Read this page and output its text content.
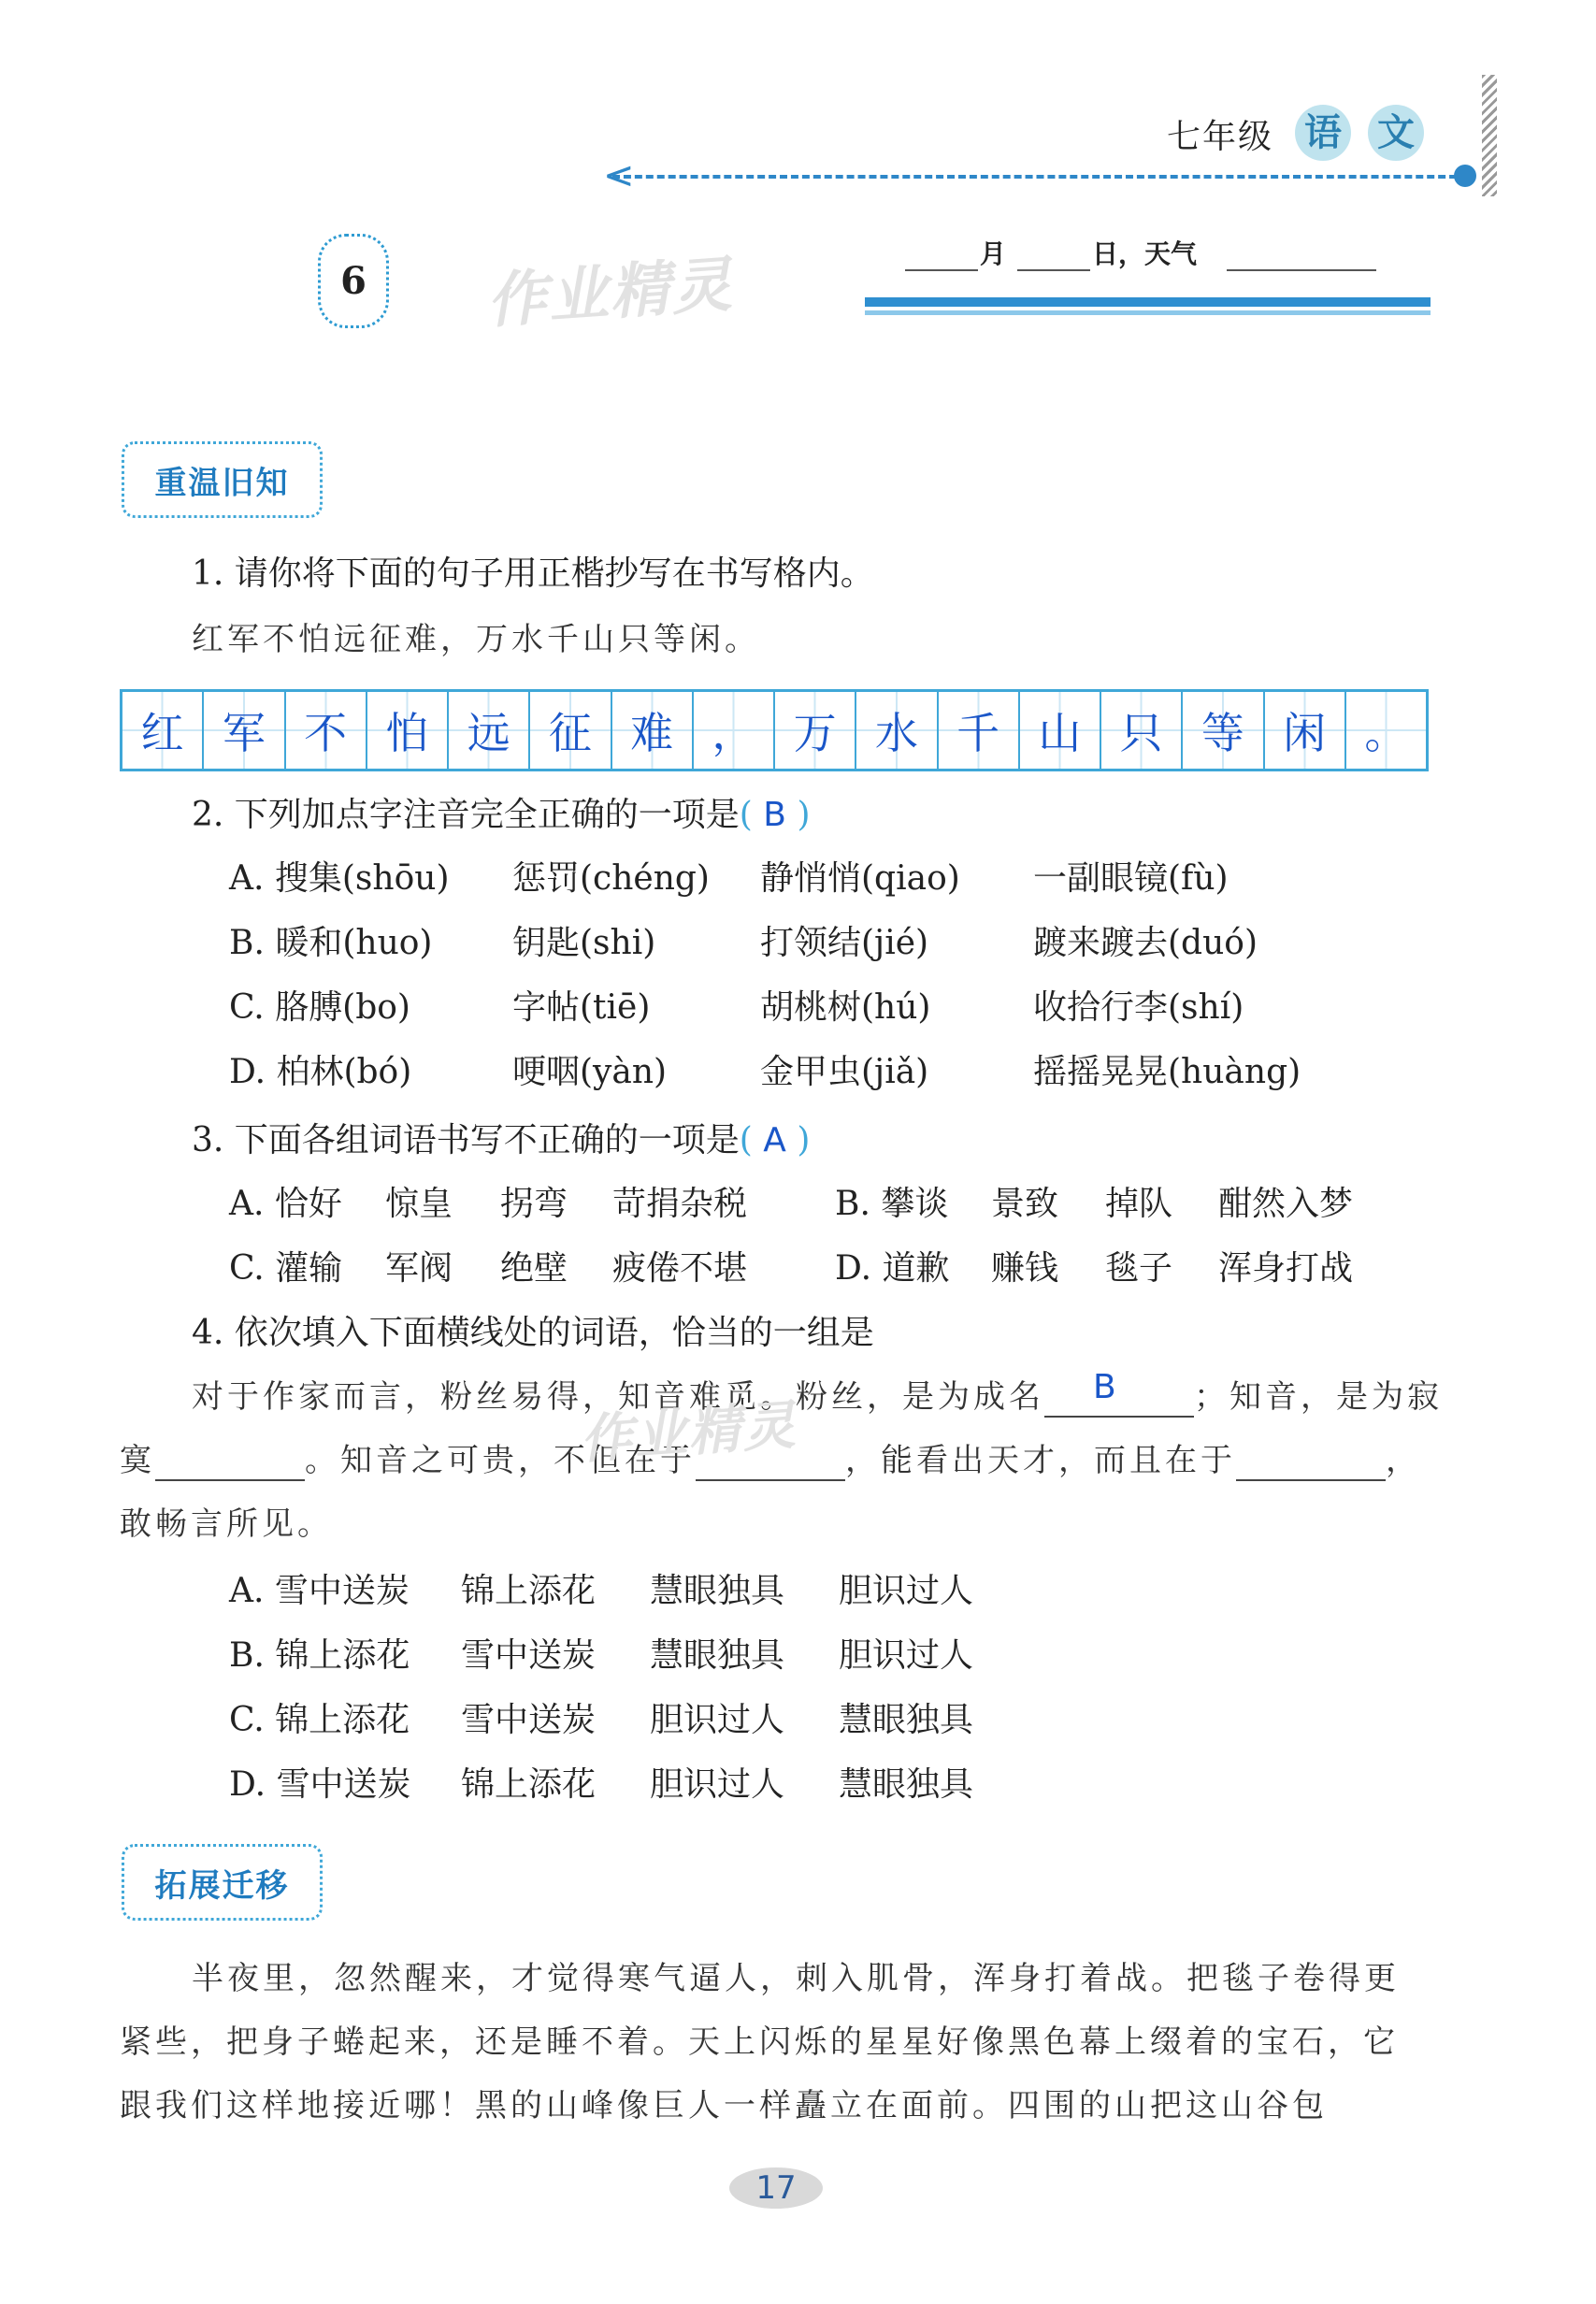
七年级 语 文
<
6	作业精灵	月	日，天气
重温旧知
1. 请你将下面的句子用正楷抄写在书写格内。
红军不怕远征难，万水千山只等闲。
红 军 不 怕 远 征 难 ， 万 水 千 山 只 等 闲 。
2. 下列加点字注音完全正确的一项是( B )
3. 下面各组词语书写不正确的一项是( A )
4. 依次填入下面横线处的词语，恰当的一组是
对于作家而言，粉丝易得，知音难觅。粉丝，是为成名 B ；知音，是为寂
寞	。知音之可贵，不但在于	，能看出天才，而且在于	，
敢畅言所见。
作业精灵
拓展迁移
半夜里，忽然醒来，才觉得寒气逼人，刺入肌骨，浑身打着战。把毯子卷得更
紧些，把身子蜷起来，还是睡不着。天上闪烁的星星好像黑色幕上缀着的宝石，它
跟我们这样地接近哪！黑的山峰像巨人一样矗立在面前。四围的山把这山谷包
17
A. 搜集(shōu) 惩罚(chéng) 静悄悄(qiao) 一副眼镜(fù)
B. 暖和(huo) 钥匙(shi)	打领结(jié)	踱来踱去(duó)
C. 胳膊(bo)	字帖(tiē)	胡桃树(hú)	收拾行李(shí)
D. 柏林(bó)	哽咽(yàn)	金甲虫(jiǎ)	摇摇晃晃(huàng)
A. 恰好 惊皇 拐弯 苛捐杂税	B. 攀谈 景致 掉队 酣然入梦
C. 灌输 军阀 绝壁 疲倦不堪	D. 道歉 赚钱 毯子 浑身打战
A. 雪中送炭 锦上添花 慧眼独具 胆识过人
B. 锦上添花 雪中送炭 慧眼独具 胆识过人
C. 锦上添花 雪中送炭 胆识过人 慧眼独具
D. 雪中送炭 锦上添花 胆识过人 慧眼独具
